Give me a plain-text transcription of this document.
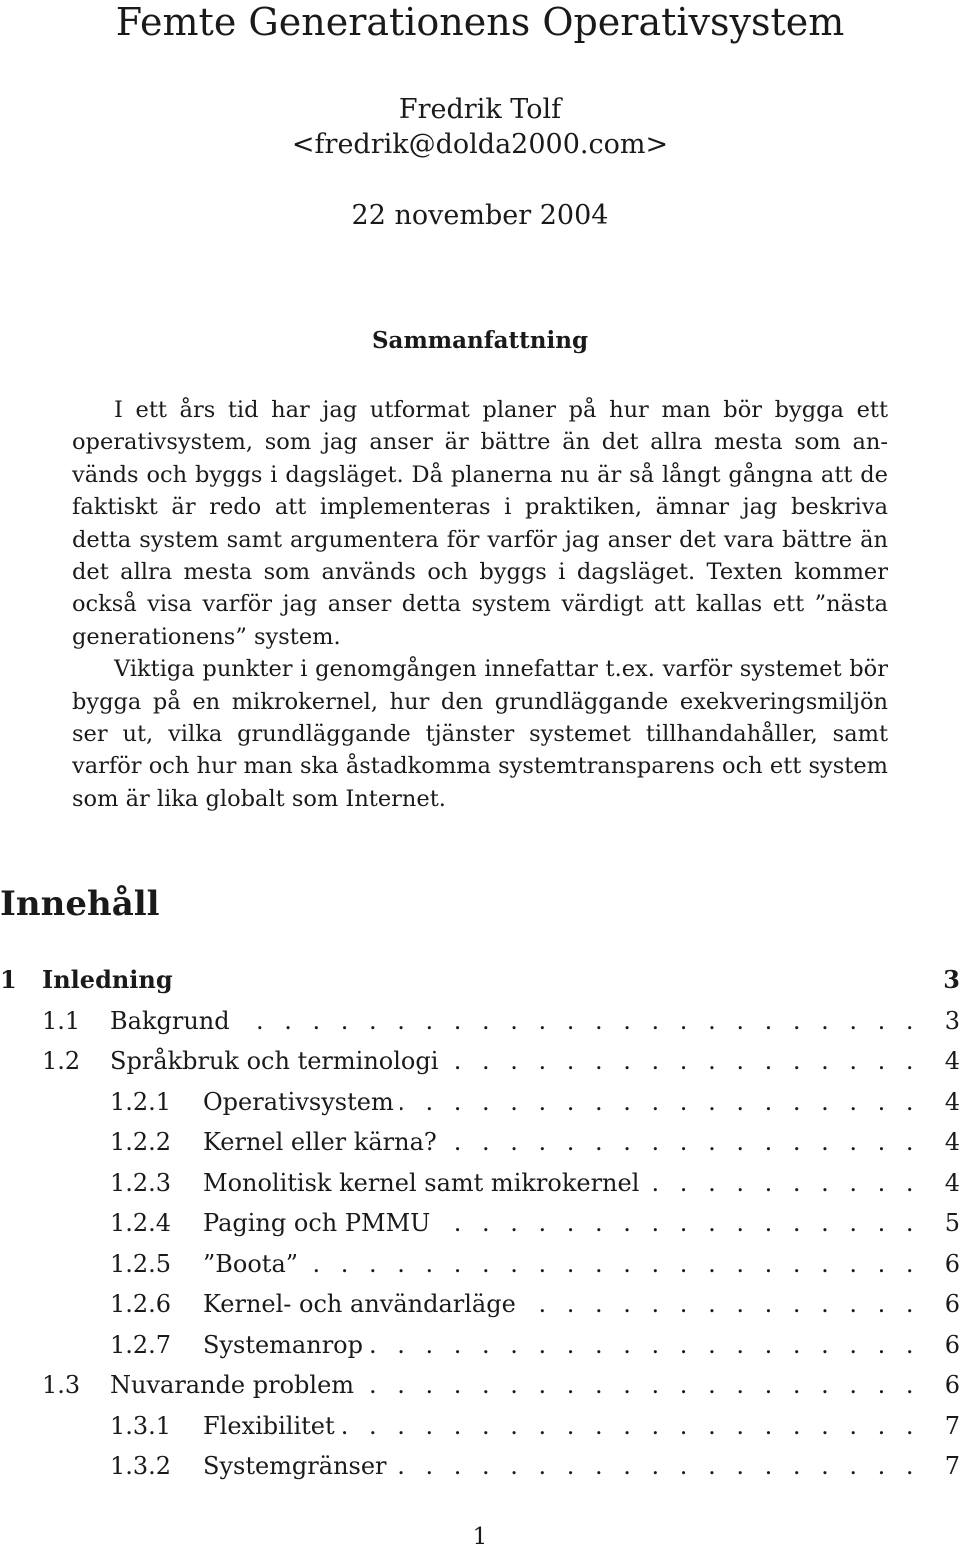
Femte Generationens Operativsystem
Fredrik Tolf
<fredrik@dolda2000.com>
22 november 2004
Sammanfattning

I ett års tid har jag utformat planer på hur man bör bygga ett operativsystem, som jag anser är bättre än det allra mesta som används och byggs i dagsläget. Då planerna nu är så långt gångna att de faktiskt är redo att implementeras i praktiken, ämnar jag beskriva detta system samt argumentera för varför jag anser det vara bättre än det allra mesta som används och byggs i dagsläget. Texten kommer också visa varför jag anser detta system värdigt att kallas ett ”nästa generationens” system.

Viktiga punkter i genomgången innefattar t.ex. varför systemet bör bygga på en mikrokernel, hur den grundläggande exekveringsmiljön ser ut, vilka grundläggande tjänster systemet tillhandahåller, samt varför och hur man ska åstadkomma systemtransparens och ett system som är lika globalt som Internet.

Innehåll
1 Inledning	3
1.1 . . . Bakgrund	3
1.2 . . . Språkbruk och terminologi	4
1.2.1 . . . Operativsystem	4
1.2.2 . . . Kernel eller kärna?	4
1.2.3 . . . Monolitisk kernel samt mikrokernel	4
1.2.4 . . . Paging och PMMU	5
1.2.5 . . . ”Boota”	6
1.2.6 . . . Kernel- och användarläge	6
1.2.7 . . . Systemanrop	6
1.3 . . . Nuvarande problem	6
1.3.1 . . . Flexibilitet	7
1.3.2 . . . Systemgränser	7
1
